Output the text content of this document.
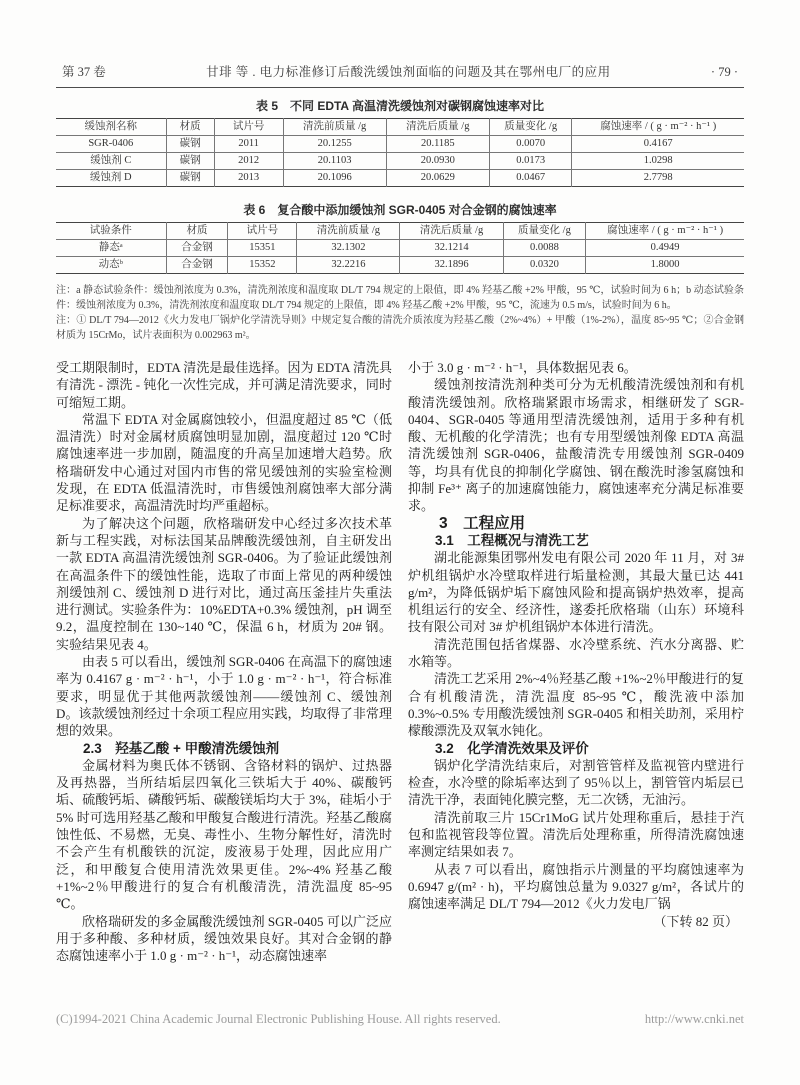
第 37 卷	甘琲 等 . 电力标准修订后酸洗缓蚀剂面临的问题及其在鄂州电厂的应用	· 79 ·
表 5　不同 EDTA 高温清洗缓蚀剂对碳钢腐蚀速率对比
缓蚀剂名称	材质	试片号	清洗前质量 /g	清洗后质量 /g	质量变化 /g	腐蚀速率 / ( g · m⁻² · h⁻¹ )
SGR-0406	碳钢	2011	20.1255	20.1185	0.0070	0.4167
缓蚀剂 C	碳钢	2012	20.1103	20.0930	0.0173	1.0298
缓蚀剂 D	碳钢	2013	20.1096	20.0629	0.0467	2.7798
表 6　复合酸中添加缓蚀剂 SGR-0405 对合金钢的腐蚀速率
试验条件	材质	试片号	清洗前质量 /g	清洗后质量 /g	质量变化 /g	腐蚀速率 / ( g · m⁻² · h⁻¹ )
静态ᵃ	合金钢	15351	32.1302	32.1214	0.0088	0.4949
动态ᵇ	合金钢	15352	32.2216	32.1896	0.0320	1.8000

注：a 静态试验条件：缓蚀剂浓度为 0.3%，清洗剂浓度和温度取 DL/T 794 规定的上限值，即 4% 羟基乙酸 +2% 甲酸，95 ℃，试验时间为 6 h；b 动态试验条件：缓蚀剂浓度为 0.3%，清洗剂浓度和温度取 DL/T 794 规定的上限值，即 4% 羟基乙酸 +2% 甲酸，95 ℃，流速为 0.5 m/s，试验时间为 6 h。

注：① DL/T 794—2012《火力发电厂锅炉化学清洗导则》中规定复合酸的清洗介质浓度为羟基乙酸（2%~4%）+ 甲酸（1%-2%），温度 85~95 ℃；②合金钢材质为 15CrMo，试片表面积为 0.002963 m²。

受工期限制时，EDTA 清洗是最佳选择。因为 EDTA 清洗具有清洗 - 漂洗 - 钝化一次性完成，并可满足清洗要求，同时可缩短工期。

常温下 EDTA 对金属腐蚀较小，但温度超过 85 ℃（低温清洗）时对金属材质腐蚀明显加剧，温度超过 120 ℃时腐蚀速率进一步加剧，随温度的升高呈加速增大趋势。欣格瑞研发中心通过对国内市售的常见缓蚀剂的实验室检测发现，在 EDTA 低温清洗时，市售缓蚀剂腐蚀率大部分满足标准要求，高温清洗时均严重超标。

为了解决这个问题，欣格瑞研发中心经过多次技术革新与工程实践，对标法国某品牌酸洗缓蚀剂，自主研发出一款 EDTA 高温清洗缓蚀剂 SGR-0406。为了验证此缓蚀剂在高温条件下的缓蚀性能，选取了市面上常见的两种缓蚀剂缓蚀剂 C、缓蚀剂 D 进行对比，通过高压釜挂片失重法进行测试。实验条件为：10%EDTA+0.3% 缓蚀剂，pH 调至 9.2，温度控制在 130~140 ℃，保温 6 h，材质为 20# 钢。实验结果见表 4。

由表 5 可以看出，缓蚀剂 SGR-0406 在高温下的腐蚀速率为 0.4167 g · m⁻² · h⁻¹，小于 1.0 g · m⁻² · h⁻¹，符合标准要求，明显优于其他两款缓蚀剂——缓蚀剂 C、缓蚀剂 D。该款缓蚀剂经过十余项工程应用实践，均取得了非常理想的效果。

2.3　羟基乙酸 + 甲酸清洗缓蚀剂

金属材料为奥氏体不锈钢、含铬材料的锅炉、过热器及再热器，当所结垢层四氧化三铁垢大于 40%、碳酸钙垢、硫酸钙垢、磷酸钙垢、碳酸镁垢均大于 3%，硅垢小于 5% 时可选用羟基乙酸和甲酸复合酸进行清洗。羟基乙酸腐蚀性低、不易燃，无臭、毒性小、生物分解性好，清洗时不会产生有机酸铁的沉淀，废液易于处理，因此应用广泛，和甲酸复合使用清洗效果更佳。2%~4% 羟基乙酸 +1%~2％甲酸进行的复合有机酸清洗，清洗温度 85~95 ℃。

欣格瑞研发的多金属酸洗缓蚀剂 SGR-0405 可以广泛应用于多种酸、多种材质，缓蚀效果良好。其对合金钢的静态腐蚀速率小于 1.0 g · m⁻² · h⁻¹，动态腐蚀速率

小于 3.0 g · m⁻² · h⁻¹，具体数据见表 6。

缓蚀剂按清洗剂种类可分为无机酸清洗缓蚀剂和有机酸清洗缓蚀剂。欣格瑞紧跟市场需求，相继研发了 SGR-0404、SGR-0405 等通用型清洗缓蚀剂，适用于多种有机酸、无机酸的化学清洗；也有专用型缓蚀剂像 EDTA 高温清洗缓蚀剂 SGR-0406，盐酸清洗专用缓蚀剂 SGR-0409 等，均具有优良的抑制化学腐蚀、钢在酸洗时渗氢腐蚀和抑制 Fe³⁺ 离子的加速腐蚀能力，腐蚀速率充分满足标准要求。

3　工程应用

3.1　工程概况与清洗工艺

湖北能源集团鄂州发电有限公司 2020 年 11 月，对 3# 炉机组锅炉水冷壁取样进行垢量检测，其最大量已达 441 g/m²，为降低锅炉垢下腐蚀风险和提高锅炉热效率，提高机组运行的安全、经济性，遂委托欣格瑞（山东）环境科技有限公司对 3# 炉机组锅炉本体进行清洗。

清洗范围包括省煤器、水冷壁系统、汽水分离器、贮水箱等。

清洗工艺采用 2%~4％羟基乙酸 +1%~2％甲酸进行的复合有机酸清洗，清洗温度 85~95 ℃，酸洗液中添加 0.3%~0.5% 专用酸洗缓蚀剂 SGR-0405 和相关助剂，采用柠檬酸漂洗及双氧水钝化。

3.2　化学清洗效果及评价

锅炉化学清洗结束后，对割管管样及监视管内壁进行检查，水冷壁的除垢率达到了 95％以上，割管管内垢层已清洗干净，表面钝化膜完整，无二次锈，无油污。

清洗前取三片 15Cr1MoG 试片处理称重后，悬挂于汽包和监视管段等位置。清洗后处理称重，所得清洗腐蚀速率测定结果如表 7。

从表 7 可以看出，腐蚀指示片测量的平均腐蚀速率为 0.6947 g/(m² · h)，平均腐蚀总量为 9.0327 g/m²，各试片的腐蚀速率满足 DL/T 794—2012《火力发电厂锅

（下转 82 页）

(C)1994-2021 China Academic Journal Electronic Publishing House. All rights reserved.	http://www.cnki.net
